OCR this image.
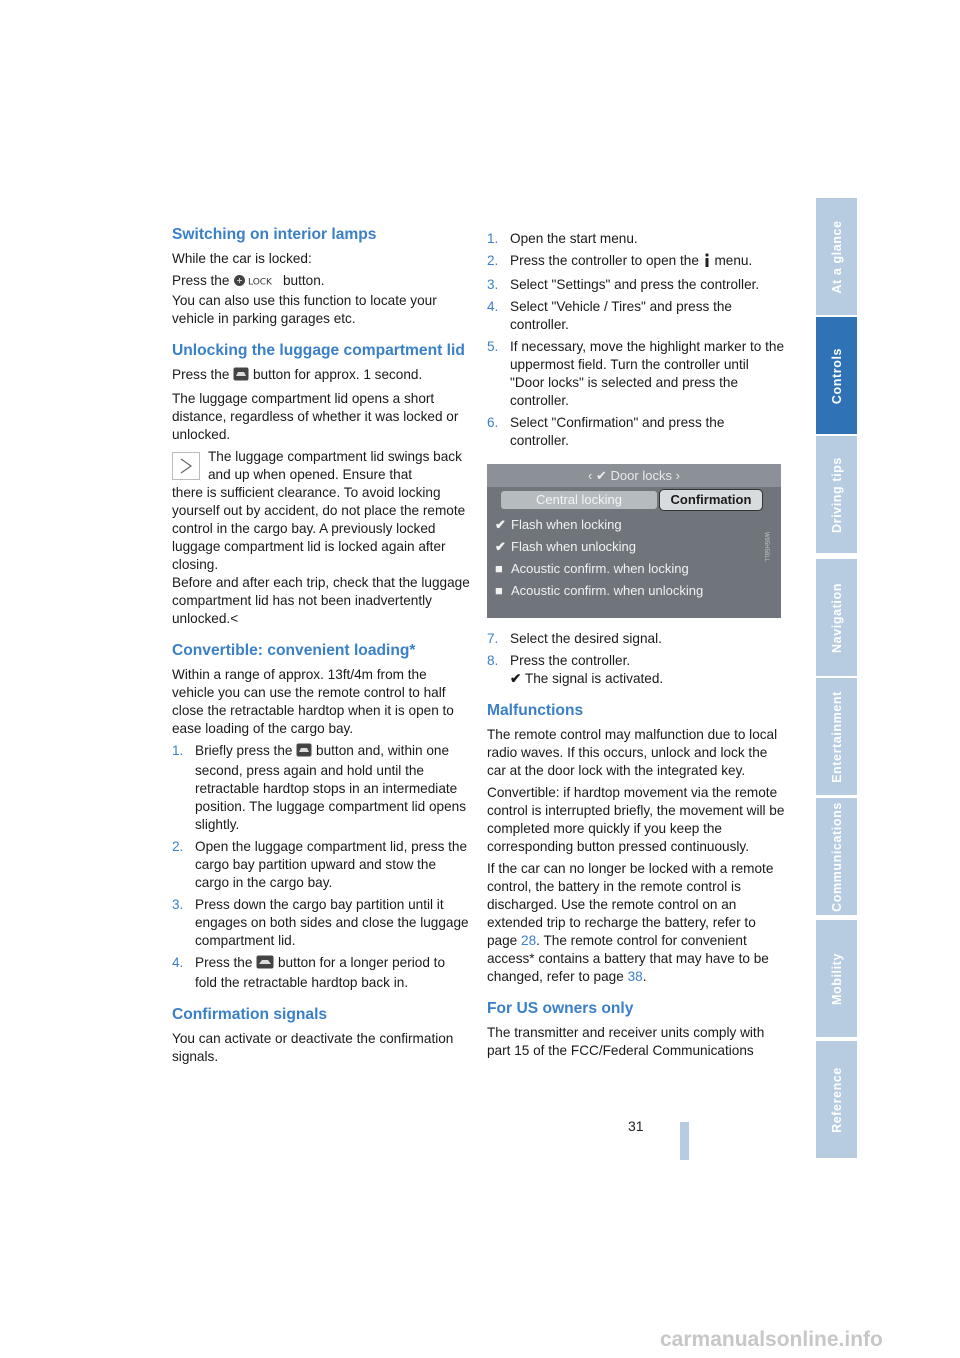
Switching on interior lamps

While the car is locked:

Press the LOCK button.

You can also use this function to locate your vehicle in parking garages etc.

Unlocking the luggage compartment lid

Press the button for approx. 1 second.

The luggage compartment lid opens a short distance, regardless of whether it was locked or unlocked.

The luggage compartment lid swings back and up when opened. Ensure that

there is sufficient clearance. To avoid locking yourself out by accident, do not place the remote control in the cargo bay. A previously locked luggage compartment lid is locked again after closing.

Before and after each trip, check that the luggage compartment lid has not been inadvertently unlocked.<

Convertible: convenient loading*

Within a range of approx. 13ft/4m from the vehicle you can use the remote control to half close the retractable hardtop when it is open to ease loading of the cargo bay.

1. Briefly press the button and, within one second, press again and hold until the retractable hardtop stops in an intermediate position. The luggage compartment lid opens slightly.
2. Open the luggage compartment lid, press the cargo bay partition upward and stow the cargo in the cargo bay.
3. Press down the cargo bay partition until it engages on both sides and close the luggage compartment lid.
4. Press the button for a longer period to fold the retractable hardtop back in.
Confirmation signals

You can activate or deactivate the confirmation signals.

1. Open the start menu.
2. Press the controller to open the menu.
3. Select "Settings" and press the controller.
4. Select "Vehicle / Tires" and press the controller.
5. If necessary, move the highlight marker to the uppermost field. Turn the controller until "Door locks" is selected and press the controller.
6. Select "Confirmation" and press the controller.
‹ ✔ Door locks ›
Central locking	Confirmation
✔ Flash when locking
✔ Flash when unlocking
■ Acoustic confirm. when locking
■ Acoustic confirm. when unlocking
W95H58LL
7. Select the desired signal.
8. Press the controller.
✔ The signal is activated.
Malfunctions

The remote control may malfunction due to local radio waves. If this occurs, unlock and lock the car at the door lock with the integrated key.

Convertible: if hardtop movement via the remote control is interrupted briefly, the movement will be completed more quickly if you keep the corresponding button pressed continuously.

If the car can no longer be locked with a remote control, the battery in the remote control is discharged. Use the remote control on an extended trip to recharge the battery, refer to page 28. The remote control for convenient access* contains a battery that may have to be changed, refer to page 38.

For US owners only

The transmitter and receiver units comply with part 15 of the FCC/Federal Communications

At a glance
Controls
Driving tips
Navigation
Entertainment
Communications
Mobility
Reference
31
carmanualsonline.info
